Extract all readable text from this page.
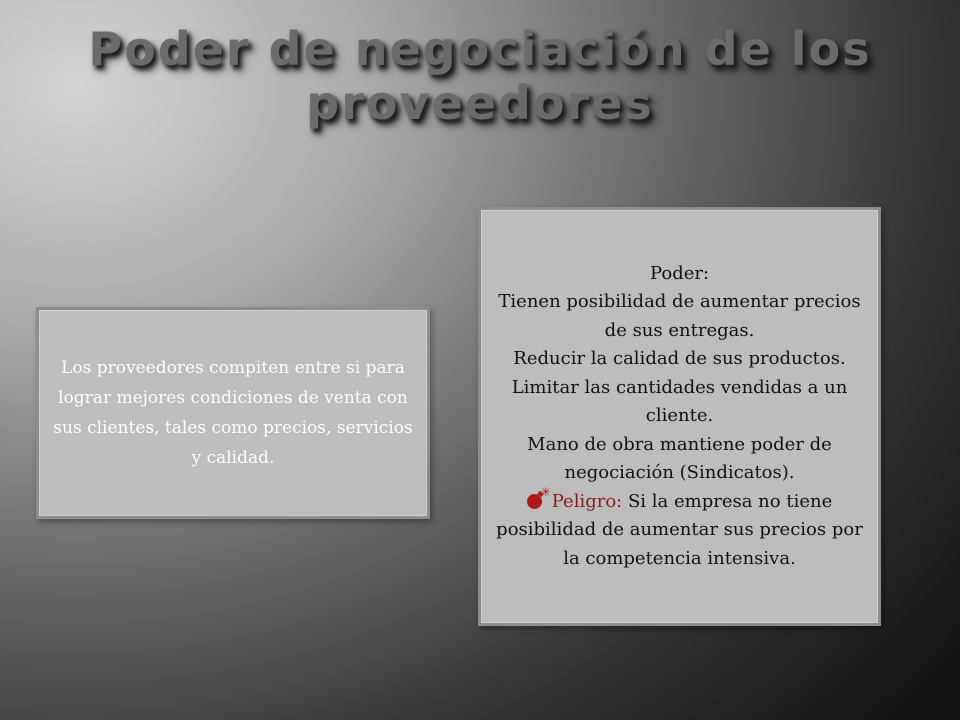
Poder de negociación de los
proveedores

Los proveedores compiten entre si para lograr mejores condiciones de venta con sus clientes, tales como precios, servicios y calidad.

Poder:

Tienen posibilidad de aumentar precios de sus entregas.

Reducir la calidad de sus productos.

Limitar las cantidades vendidas a un cliente.

Mano de obra mantiene poder de negociación (Sindicatos).

✳ Peligro: Si la empresa no tiene posibilidad de aumentar sus precios por la competencia intensiva.
